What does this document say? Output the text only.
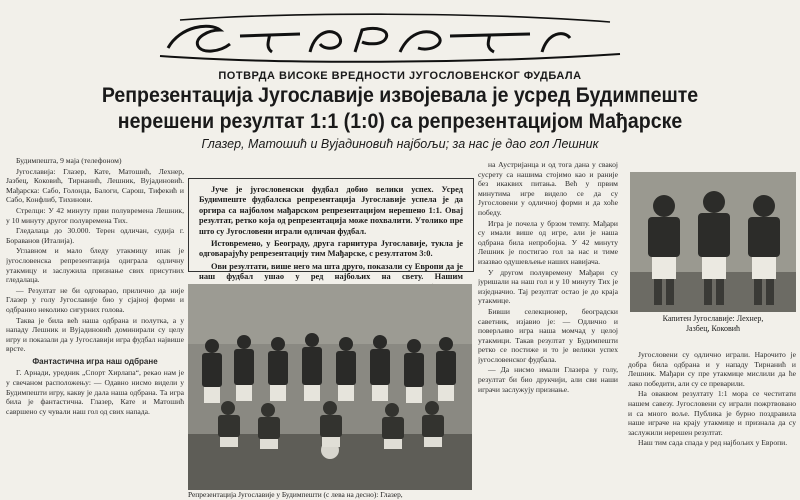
ПОТВРДА ВИСОКЕ ВРЕДНОСТИ ЈУГОСЛОВЕНСКОГ ФУДБАЛА
Репрезентација Југославије извојевала је усред Будимпеште
нерешени резултат 1:1 (1:0) са репрезентацијом Мађарске
Глазер, Матошић и Вујадиновић најбољи; за нас је дао гол Лешник

Будимпешта, 9 маја (телефоном)

Југославија: Глазер, Кате, Матошић, Лехнер, Јазбец, Коковић, Тирнанић, Лешник, Вујадиновић. Мађарска: Сабо, Голонда, Балоги, Сарош, Тифекић и Сабо, Конфлиб, Тихинови.

Стрелци: У 42 минуту први полувремена Лешник, у 10 минуту другог полувремена Тих.

Гледалаца до 30.000. Терен одличан, судија г. Бораванов (Италија).

Углавном и мало бледу утакмицу ипак је југословенска репрезентација одиграла одличну утакмицу и заслужила признање свих присутних гледалаца.

— Резултат не би одговарао, прилично да није Глазер у голу Југославије био у сјајној форми и одбранио неколико сигурних голова.

Таква је била већ наша одбрана и полутка, а у нападу Лешник и Вујадиновић доминирали су целу игру и показали да у Југославији игра фудбал највише врсте.

Фантастична игра наш одбране

Г. Арнади, уредник „Спорт Хирлапа“, рекао нам је у свечаном расположењу: — Одавно нисмо видели у Будимпешти игру, какву је дала наша одбрана. Та игра била је фантастична. Глазер, Кате и Матошић савршено су чували наш гол од свих напада.

Јуче је југословенски фудбал добио велики успех. Усред Будимпеште фудбалска репрезентација Југославије успела је да оргира са најболом мађарском репрезентацијом нерешено 1:1. Овај резултат, ретко која од репрезентација може похвалити. Утолико пре што су Југословени играли одличан фудбал.

Истовремено, у Београду, друга гарнитура Југославије, тукла је одговарајућу репрезентацију тим Мађарске, с резултатом 3:0.

Ови резултати, више него ма шта друго, показали су Европи да је наш фудбал ушао у ред најбољих на свету. Нашим

Репрезентација Југославије у Будимпешти (с лева на десно): Глазер,

на Аустријанца и од тога дана у свакој сусрету са нашима стојимо као и раније без икаквих питања. Већ у првим минутима игре видело се да су Југословени у одличној форми и да хоће победу.

Игра је почела у брзом темпу. Мађари су имали више од игре, али је наша одбрана била непробојна. У 42 минуту Лешник је постигао гол за нас и тиме изазвао одушевљење наших навијача.

У другом полувремену Мађари су јуришали на наш гол и у 10 минуту Тих је изједначио. Тај резултат остао је до краја утакмице.

Бивши селекционер, београдски саветник, изјавио је: — Одлично и поверљиво игра наша момчад у целој утакмици. Такав резултат у Будимпешти ретко се постиже и то је велики успех југословенског фудбала.

— Да нисмо имали Глазера у голу, резултат би био друкчији, али сви наши играчи заслужују признање.

Капитен Југославије: Лехнер,
Јазбец, Коковић

Југословени су одлично играли. Нарочито је добра била одбрана и у нападу Тирнанић и Лешник. Мађари су пре утакмице мислили да ће лако победити, али су се преварили.

На оваквом резултату 1:1 мора се честитати нашем савезу. Југословени су играли пожртвовано и са много воље. Публика је бурно поздравила наше играче на крају утакмице и признала да су заслужили нерешен резултат.

Наш тим сада спада у ред најбољих у Европи.
